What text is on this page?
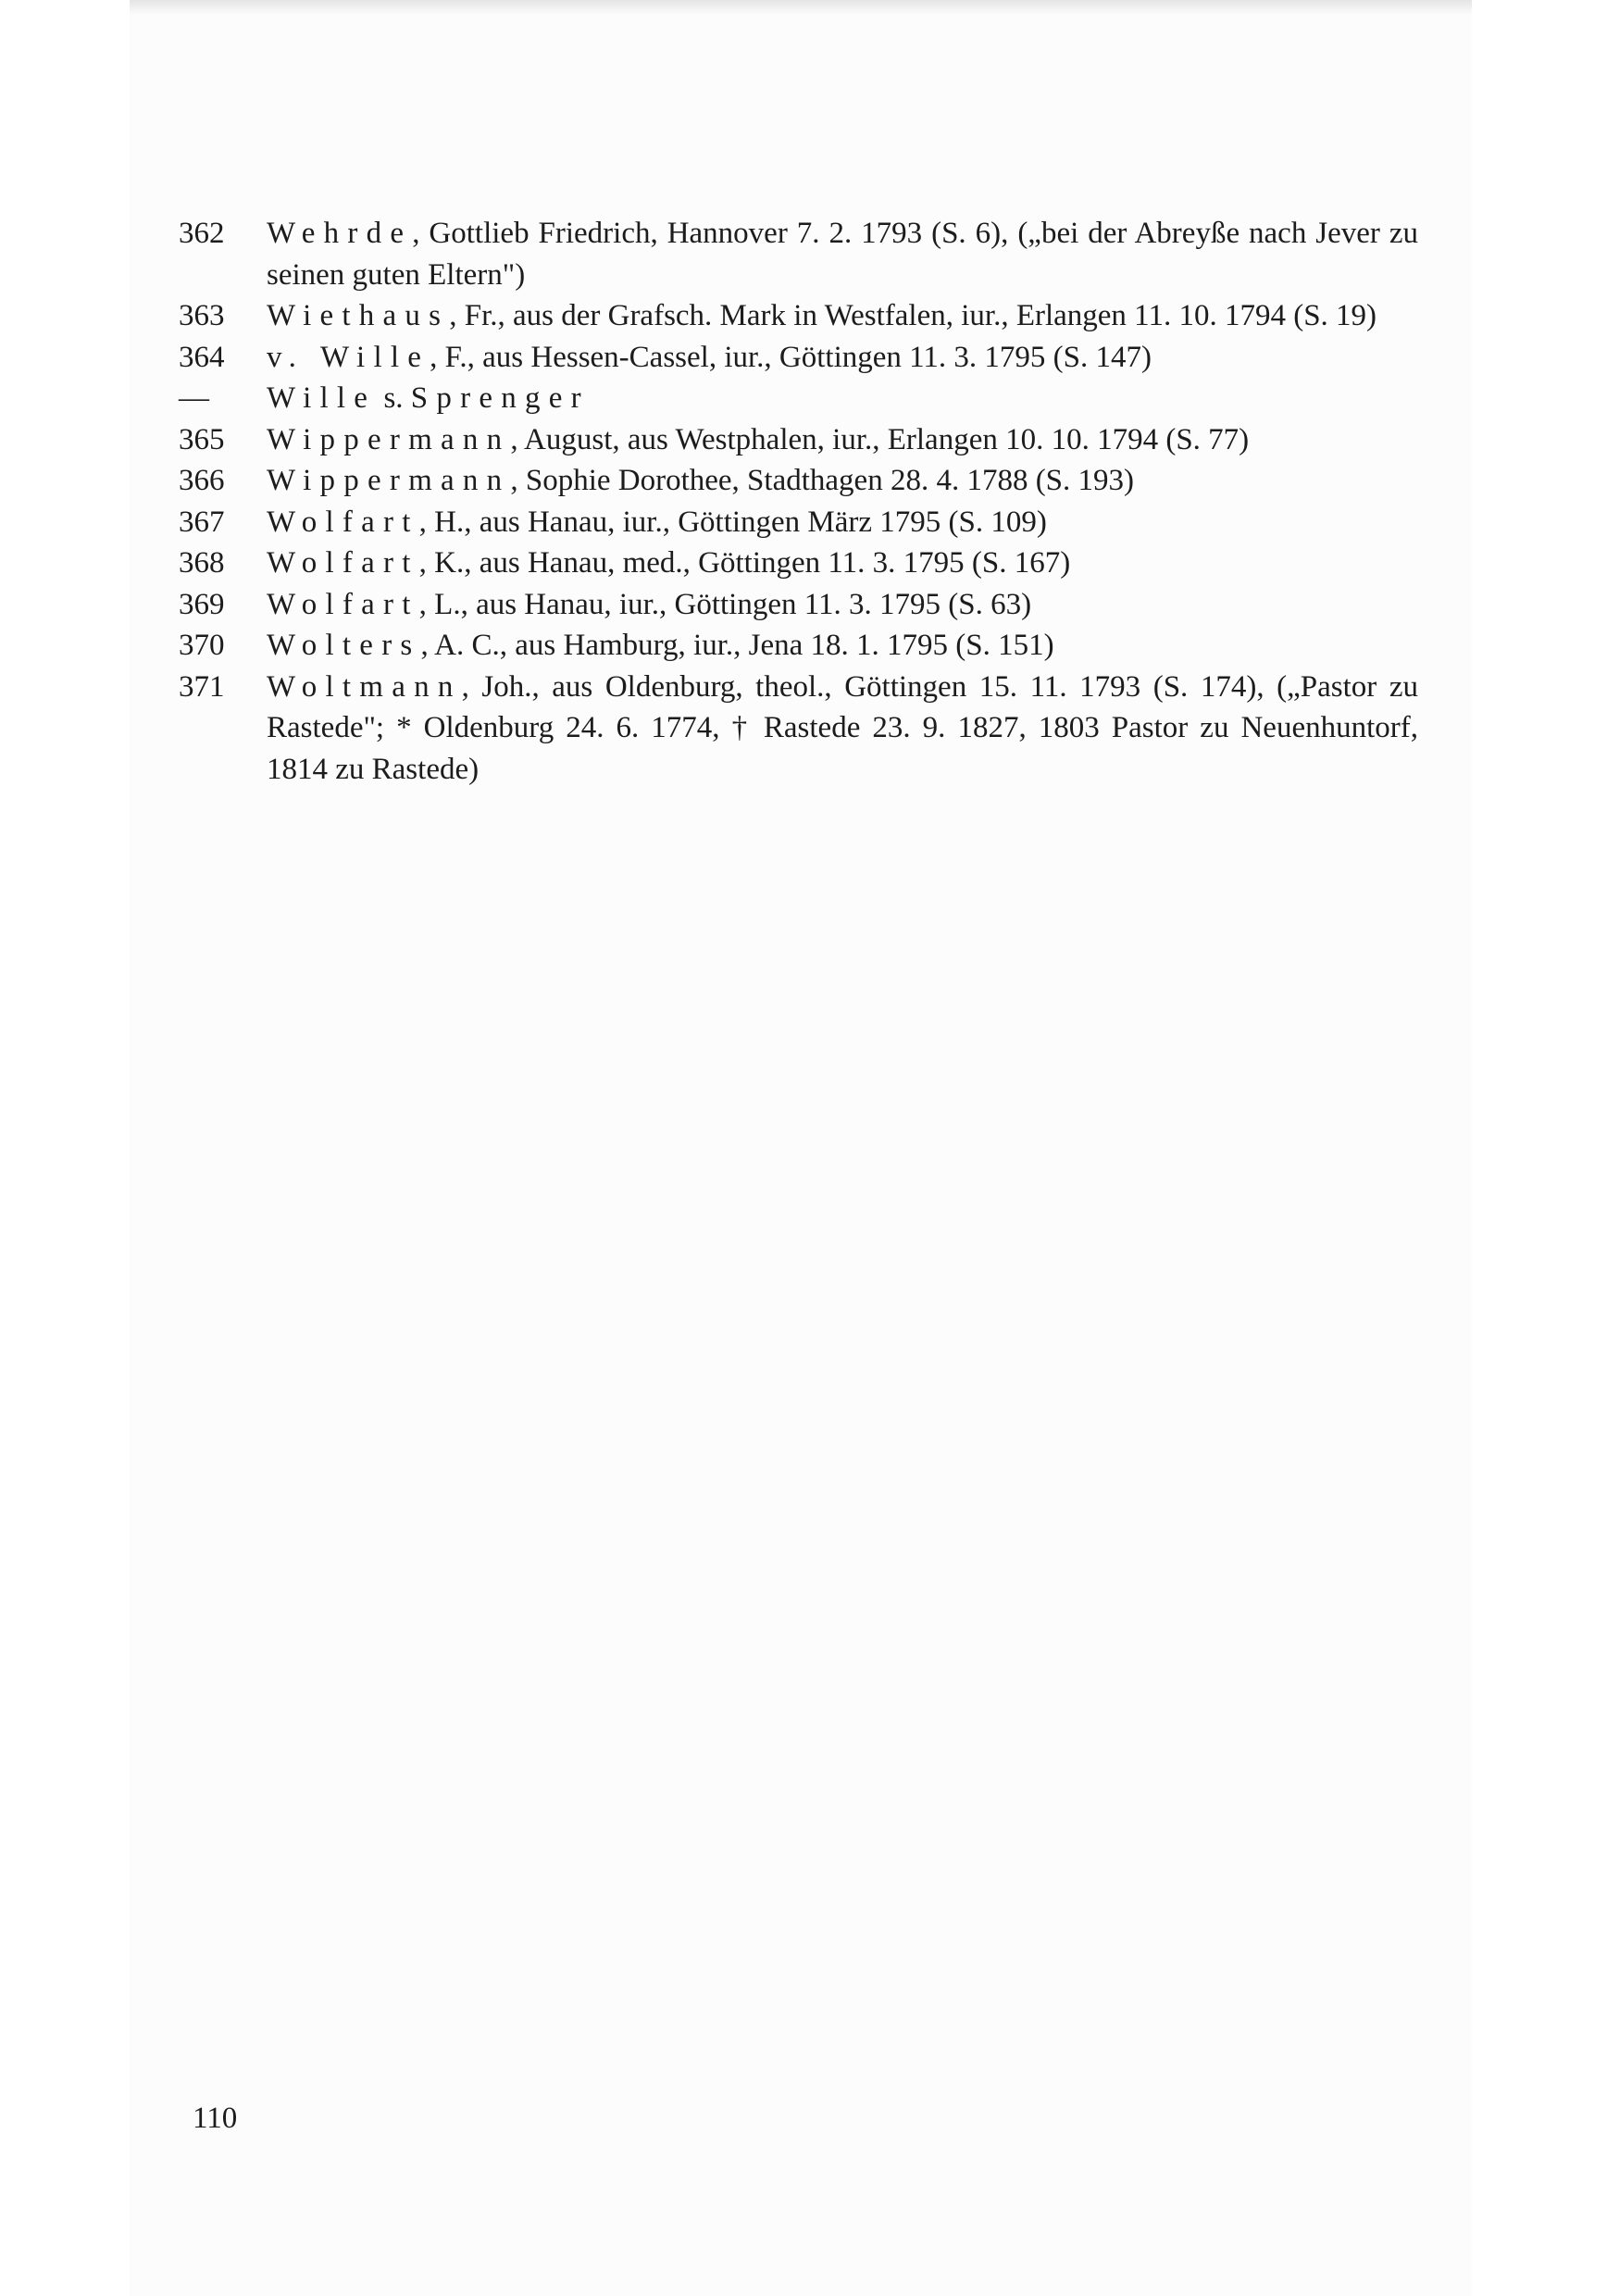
362	Wehrde, Gottlieb Friedrich, Hannover 7. 2. 1793 (S. 6), („bei der Abreyße nach Jever zu seinen guten Eltern")
363	Wiethaus, Fr., aus der Grafsch. Mark in Westfalen, iur., Erlangen 11. 10. 1794 (S. 19)
364	v. Wille, F., aus Hessen-Cassel, iur., Göttingen 11. 3. 1795 (S. 147)
—	Wille s. Sprenger
365	Wippermann, August, aus Westphalen, iur., Erlangen 10. 10. 1794 (S. 77)
366	Wippermann, Sophie Dorothee, Stadthagen 28. 4. 1788 (S. 193)
367	Wolfart, H., aus Hanau, iur., Göttingen März 1795 (S. 109)
368	Wolfart, K., aus Hanau, med., Göttingen 11. 3. 1795 (S. 167)
369	Wolfart, L., aus Hanau, iur., Göttingen 11. 3. 1795 (S. 63)
370	Wolters, A. C., aus Hamburg, iur., Jena 18. 1. 1795 (S. 151)
371	Woltmann, Joh., aus Oldenburg, theol., Göttingen 15. 11. 1793 (S. 174), („Pastor zu Rastede"; * Oldenburg 24. 6. 1774, † Rastede 23. 9. 1827, 1803 Pastor zu Neuenhuntorf, 1814 zu Rastede)
110
